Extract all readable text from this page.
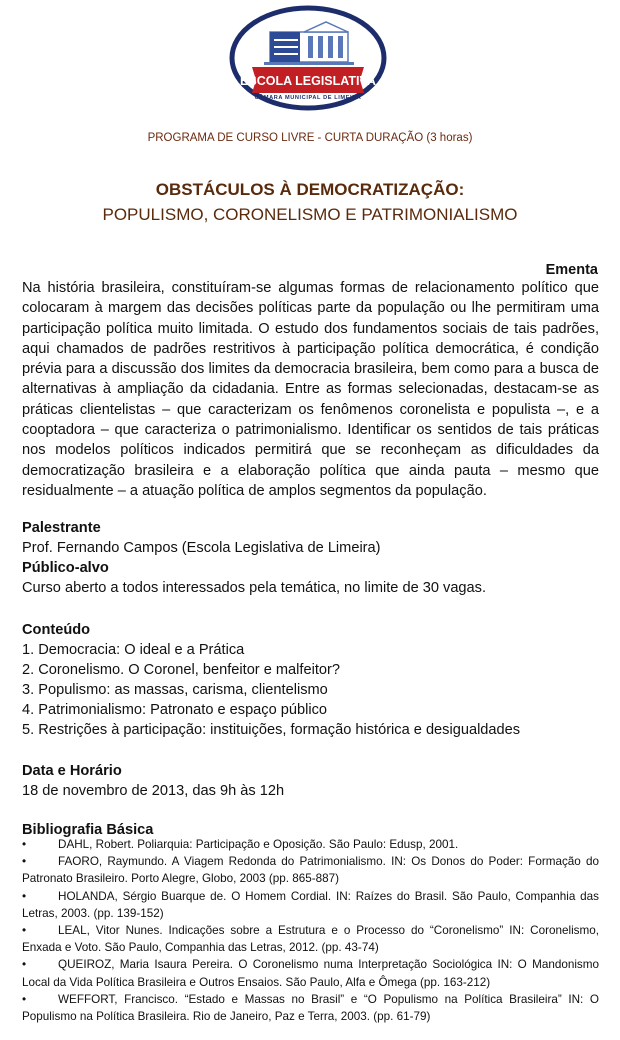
ESCOLA LEGISLATIVA
CÂMARA MUNICIPAL DE LIMEIRA
PROGRAMA DE CURSO LIVRE - CURTA DURAÇÃO (3 horas)
OBSTÁCULOS À DEMOCRATIZAÇÃO:
POPULISMO, CORONELISMO E PATRIMONIALISMO
Ementa

Na história brasileira, constituíram-se algumas formas de relacionamento político que colocaram à margem das decisões políticas parte da população ou lhe permitiram uma participação política muito limitada. O estudo dos fundamentos sociais de tais padrões, aqui chamados de padrões restritivos à participação política democrática, é condição prévia para a discussão dos limites da democracia brasileira, bem como para a busca de alternativas à ampliação da cidadania. Entre as formas selecionadas, destacam-se as práticas clientelistas – que caracterizam os fenômenos coronelista e populista –, e a cooptadora – que caracteriza o patrimonialismo. Identificar os sentidos de tais práticas nos modelos políticos indicados permitirá que se reconheçam as dificuldades da democratização brasileira e a elaboração política que ainda pauta – mesmo que residualmente – a atuação política de amplos segmentos da população.

Palestrante
Prof. Fernando Campos (Escola Legislativa de Limeira)
Público-alvo
Curso aberto a todos interessados pela temática, no limite de 30 vagas.
Conteúdo
1. Democracia: O ideal e a Prática
2. Coronelismo. O Coronel, benfeitor e malfeitor?
3. Populismo: as massas, carisma, clientelismo
4. Patrimonialismo: Patronato e espaço público
5. Restrições à participação: instituições, formação histórica e desigualdades
Data e Horário
18 de novembro de 2013, das 9h às 12h
Bibliografia Básica
•	DAHL, Robert. Poliarquia: Participação e Oposição. São Paulo: Edusp, 2001.
•	FAORO, Raymundo. A Viagem Redonda do Patrimonialismo. IN: Os Donos do Poder: Formação do Patronato Brasileiro. Porto Alegre, Globo, 2003 (pp. 865-887)
•	HOLANDA, Sérgio Buarque de. O Homem Cordial. IN: Raízes do Brasil. São Paulo, Companhia das Letras, 2003. (pp. 139-152)
•	LEAL, Vitor Nunes. Indicações sobre a Estrutura e o Processo do “Coronelismo” IN: Coronelismo, Enxada e Voto. São Paulo, Companhia das Letras, 2012. (pp. 43-74)
•	QUEIROZ, Maria Isaura Pereira. O Coronelismo numa Interpretação Sociológica IN: O Mandonismo Local da Vida Política Brasileira e Outros Ensaios. São Paulo, Alfa e Ômega (pp. 163-212)
•	WEFFORT, Francisco. “Estado e Massas no Brasil” e “O Populismo na Política Brasileira” IN: O Populismo na Política Brasileira. Rio de Janeiro, Paz e Terra, 2003. (pp. 61-79)
